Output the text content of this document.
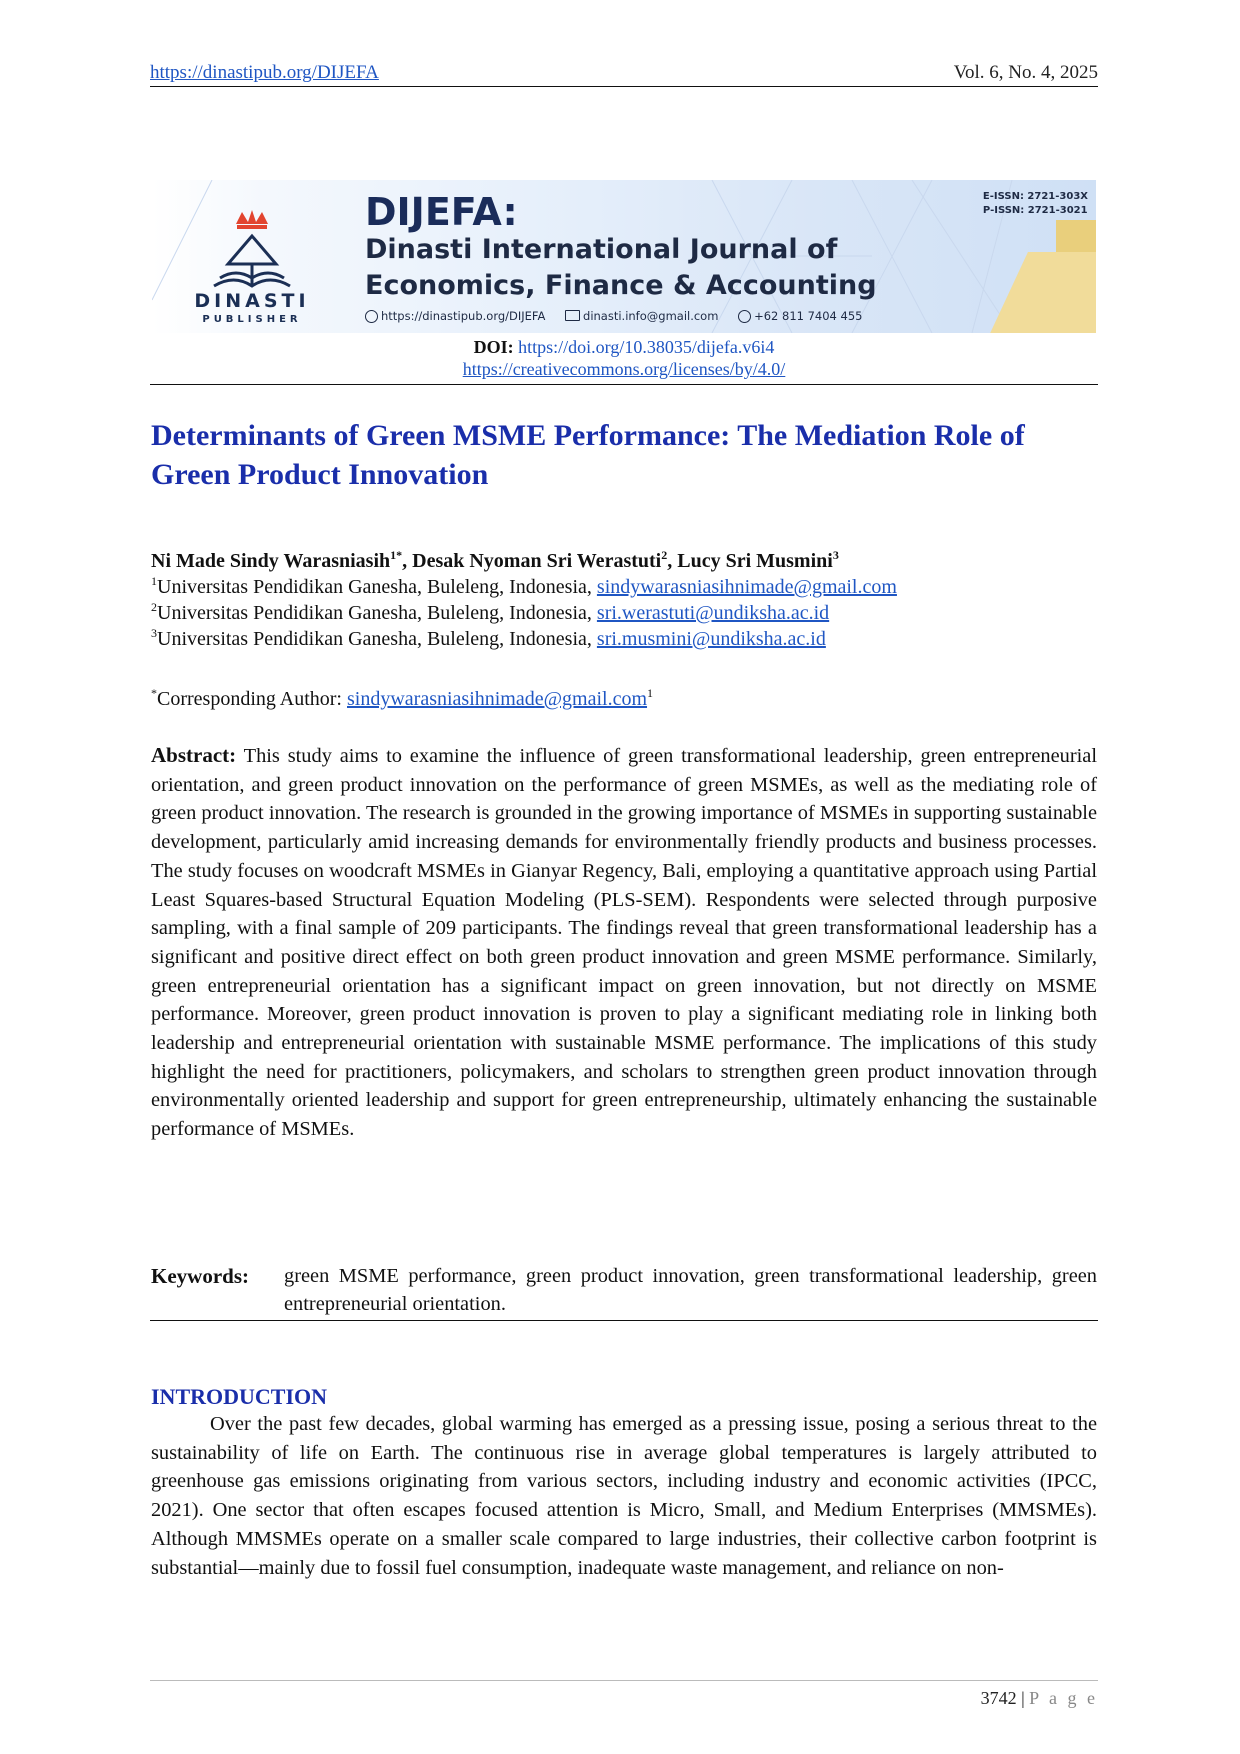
https://dinastipub.org/DIJEFA	Vol. 6, No. 4, 2025
DINASTI
PUBLISHER
DIJEFA:
Dinasti International Journal of
Economics, Finance & Accounting
https://dinastipub.org/DIJEFA	dinasti.info@gmail.com	+62 811 7404 455
E-ISSN: 2721-303X
P-ISSN: 2721-3021
DOI: https://doi.org/10.38035/dijefa.v6i4
https://creativecommons.org/licenses/by/4.0/
Determinants of Green MSME Performance: The Mediation Role of Green Product Innovation
Ni Made Sindy Warasniasih$^{1*}$, Desak Nyoman Sri Werastuti$^2$, Lucy Sri Musmini$^3$
$^1$Universitas Pendidikan Ganesha, Buleleng, Indonesia, sindywarasniasihnimade@gmail.com
$^2$Universitas Pendidikan Ganesha, Buleleng, Indonesia, sri.werastuti@undiksha.ac.id
$^3$Universitas Pendidikan Ganesha, Buleleng, Indonesia, sri.musmini@undiksha.ac.id
*Corresponding Author: sindywarasniasihnimade@gmail.com$^1$
Abstract: This study aims to examine the influence of green transformational leadership, green entrepreneurial orientation, and green product innovation on the performance of green MSMEs, as well as the mediating role of green product innovation. The research is grounded in the growing importance of MSMEs in supporting sustainable development, particularly amid increasing demands for environmentally friendly products and business processes. The study focuses on woodcraft MSMEs in Gianyar Regency, Bali, employing a quantitative approach using Partial Least Squares-based Structural Equation Modeling (PLS-SEM). Respondents were selected through purposive sampling, with a final sample of 209 participants. The findings reveal that green transformational leadership has a significant and positive direct effect on both green product innovation and green MSME performance. Similarly, green entrepreneurial orientation has a significant impact on green innovation, but not directly on MSME performance. Moreover, green product innovation is proven to play a significant mediating role in linking both leadership and entrepreneurial orientation with sustainable MSME performance. The implications of this study highlight the need for practitioners, policymakers, and scholars to strengthen green product innovation through environmentally oriented leadership and support for green entrepreneurship, ultimately enhancing the sustainable performance of MSMEs.
Keywords: green MSME performance, green product innovation, green transformational leadership, green entrepreneurial orientation.
INTRODUCTION
Over the past few decades, global warming has emerged as a pressing issue, posing a serious threat to the sustainability of life on Earth. The continuous rise in average global temperatures is largely attributed to greenhouse gas emissions originating from various sectors, including industry and economic activities (IPCC, 2021). One sector that often escapes focused attention is Micro, Small, and Medium Enterprises (MMSMEs). Although MMSMEs operate on a smaller scale compared to large industries, their collective carbon footprint is substantial—mainly due to fossil fuel consumption, inadequate waste management, and reliance on non-
3742 | P a g e
